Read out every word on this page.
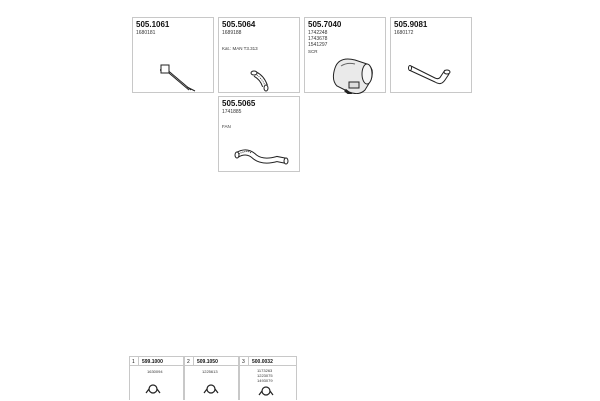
505.1061
1680181
505.5064
1689188
Kat.: MAN T3.313
505.7040
1742248
1743678
1541297
SCR
505.9081
1680172
505.5065
1741885
FAN
1 599.1000
1630094
2 509.1050
1225613
3 500.0032
1173263
1223075
1493079
